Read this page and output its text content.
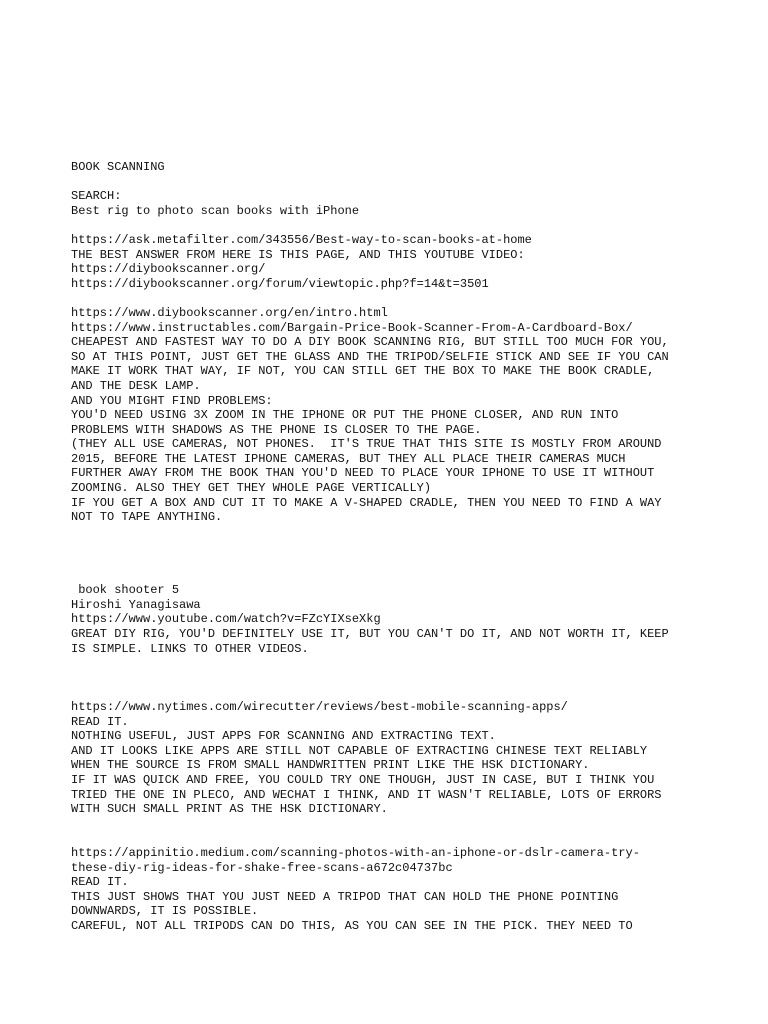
BOOK SCANNING
SEARCH:
Best rig to photo scan books with iPhone
https://ask.metafilter.com/343556/Best-way-to-scan-books-at-home
THE BEST ANSWER FROM HERE IS THIS PAGE, AND THIS YOUTUBE VIDEO:
https://diybookscanner.org/
https://diybookscanner.org/forum/viewtopic.php?f=14&t=3501
https://www.diybookscanner.org/en/intro.html
https://www.instructables.com/Bargain-Price-Book-Scanner-From-A-Cardboard-Box/
CHEAPEST AND FASTEST WAY TO DO A DIY BOOK SCANNING RIG, BUT STILL TOO MUCH FOR YOU,
SO AT THIS POINT, JUST GET THE GLASS AND THE TRIPOD/SELFIE STICK AND SEE IF YOU CAN
MAKE IT WORK THAT WAY, IF NOT, YOU CAN STILL GET THE BOX TO MAKE THE BOOK CRADLE,
AND THE DESK LAMP.
AND YOU MIGHT FIND PROBLEMS:
YOU'D NEED USING 3X ZOOM IN THE IPHONE OR PUT THE PHONE CLOSER, AND RUN INTO
PROBLEMS WITH SHADOWS AS THE PHONE IS CLOSER TO THE PAGE.
(THEY ALL USE CAMERAS, NOT PHONES.  IT'S TRUE THAT THIS SITE IS MOSTLY FROM AROUND
2015, BEFORE THE LATEST IPHONE CAMERAS, BUT THEY ALL PLACE THEIR CAMERAS MUCH
FURTHER AWAY FROM THE BOOK THAN YOU'D NEED TO PLACE YOUR IPHONE TO USE IT WITHOUT
ZOOMING. ALSO THEY GET THEY WHOLE PAGE VERTICALLY)
IF YOU GET A BOX AND CUT IT TO MAKE A V-SHAPED CRADLE, THEN YOU NEED TO FIND A WAY
NOT TO TAPE ANYTHING.
book shooter 5
Hiroshi Yanagisawa
https://www.youtube.com/watch?v=FZcYIXseXkg
GREAT DIY RIG, YOU'D DEFINITELY USE IT, BUT YOU CAN'T DO IT, AND NOT WORTH IT, KEEP
IS SIMPLE. LINKS TO OTHER VIDEOS.
https://www.nytimes.com/wirecutter/reviews/best-mobile-scanning-apps/
READ IT.
NOTHING USEFUL, JUST APPS FOR SCANNING AND EXTRACTING TEXT.
AND IT LOOKS LIKE APPS ARE STILL NOT CAPABLE OF EXTRACTING CHINESE TEXT RELIABLY
WHEN THE SOURCE IS FROM SMALL HANDWRITTEN PRINT LIKE THE HSK DICTIONARY.
IF IT WAS QUICK AND FREE, YOU COULD TRY ONE THOUGH, JUST IN CASE, BUT I THINK YOU
TRIED THE ONE IN PLECO, AND WECHAT I THINK, AND IT WASN'T RELIABLE, LOTS OF ERRORS
WITH SUCH SMALL PRINT AS THE HSK DICTIONARY.
https://appinitio.medium.com/scanning-photos-with-an-iphone-or-dslr-camera-try-
these-diy-rig-ideas-for-shake-free-scans-a672c04737bc
READ IT.
THIS JUST SHOWS THAT YOU JUST NEED A TRIPOD THAT CAN HOLD THE PHONE POINTING
DOWNWARDS, IT IS POSSIBLE.
CAREFUL, NOT ALL TRIPODS CAN DO THIS, AS YOU CAN SEE IN THE PICK. THEY NEED TO
